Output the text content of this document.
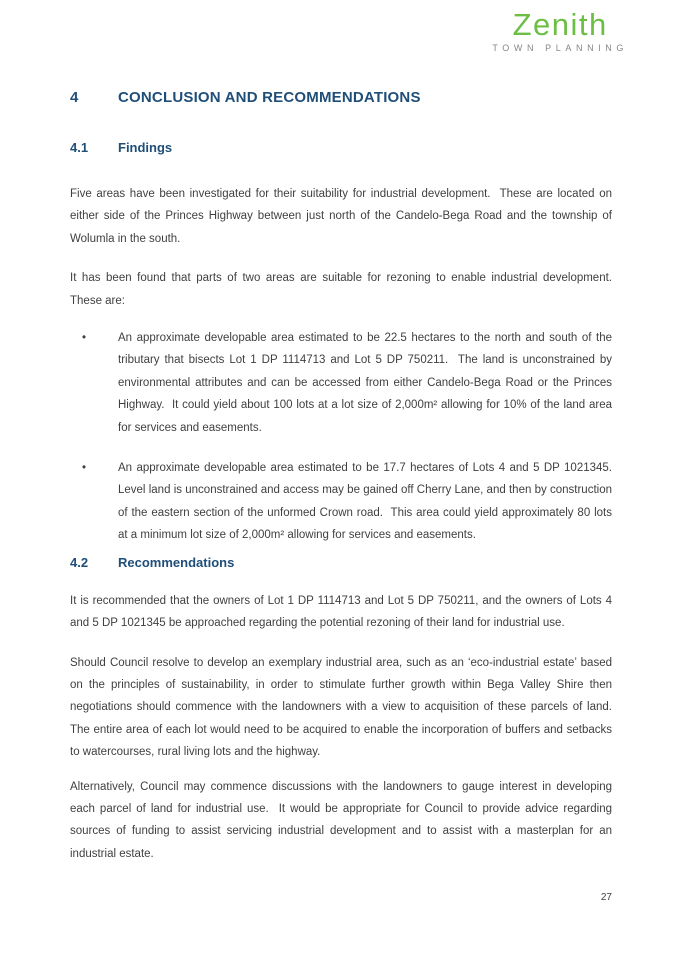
Zenith
TOWN PLANNING
4	CONCLUSION AND RECOMMENDATIONS
4.1	Findings

Five areas have been investigated for their suitability for industrial development.  These are located on either side of the Princes Highway between just north of the Candelo-Bega Road and the township of Wolumla in the south.

It has been found that parts of two areas are suitable for rezoning to enable industrial development.  These are:

•	An approximate developable area estimated to be 22.5 hectares to the north and south of the tributary that bisects Lot 1 DP 1114713 and Lot 5 DP 750211.  The land is unconstrained by environmental attributes and can be accessed from either Candelo-Bega Road or the Princes Highway.  It could yield about 100 lots at a lot size of 2,000m² allowing for 10% of the land area for services and easements.
•	An approximate developable area estimated to be 17.7 hectares of Lots 4 and 5 DP 1021345.  Level land is unconstrained and access may be gained off Cherry Lane, and then by construction of the eastern section of the unformed Crown road.  This area could yield approximately 80 lots at a minimum lot size of 2,000m² allowing for services and easements.
4.2	Recommendations

It is recommended that the owners of Lot 1 DP 1114713 and Lot 5 DP 750211, and the owners of Lots 4 and 5 DP 1021345 be approached regarding the potential rezoning of their land for industrial use.

Should Council resolve to develop an exemplary industrial area, such as an ‘eco-industrial estate’ based on the principles of sustainability, in order to stimulate further growth within Bega Valley Shire then negotiations should commence with the landowners with a view to acquisition of these parcels of land.  The entire area of each lot would need to be acquired to enable the incorporation of buffers and setbacks to watercourses, rural living lots and the highway.

Alternatively, Council may commence discussions with the landowners to gauge interest in developing each parcel of land for industrial use.  It would be appropriate for Council to provide advice regarding sources of funding to assist servicing industrial development and to assist with a masterplan for an industrial estate.

27
